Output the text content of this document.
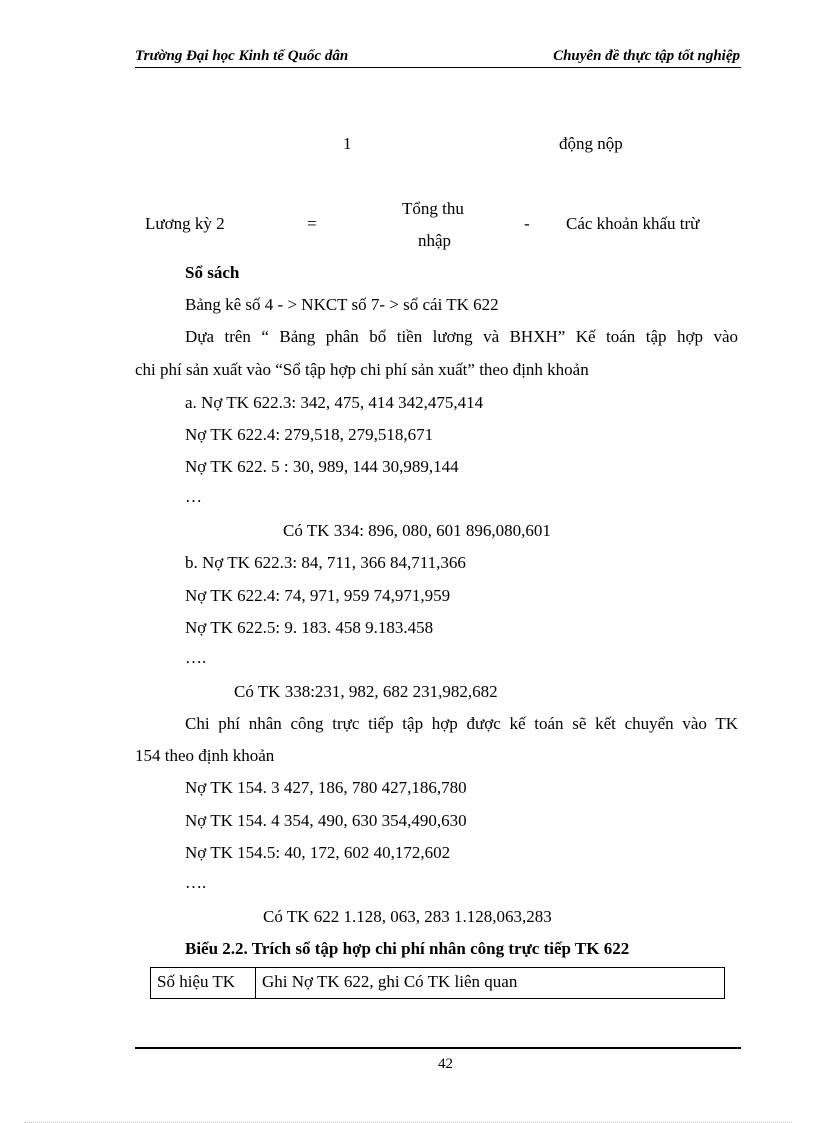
Trường Đại học Kinh tế Quốc dân	Chuyên đề thực tập tốt nghiệp
1	động nộp
Lương kỳ 2	=
Tổng thu
nhập
- Các khoản khấu trừ
Sổ sách
Bảng kê số 4 - > NKCT số 7- > sổ cái TK 622
Dựa trên “ Bảng phân bổ tiền lương và BHXH” Kế toán tập hợp vào
chi phí sản xuất vào “Sổ tập hợp chi phí sản xuất” theo định khoản
a. Nợ TK 622.3: 342, 475, 414 342,475,414
Nợ TK 622.4: 279,518, 279,518,671
Nợ TK 622. 5 : 30, 989, 144 30,989,144
…
Có TK 334: 896, 080, 601 896,080,601
b. Nợ TK 622.3: 84, 711, 366 84,711,366
Nợ TK 622.4: 74, 971, 959 74,971,959
Nợ TK 622.5: 9. 183. 458 9.183.458
….
Có TK 338:231, 982, 682 231,982,682
Chi phí nhân công trực tiếp tập hợp được kế toán sẽ kết chuyển vào TK
154 theo định khoản
Nợ TK 154. 3 427, 186, 780 427,186,780
Nợ TK 154. 4 354, 490, 630 354,490,630
Nợ TK 154.5: 40, 172, 602 40,172,602
….
Có TK 622 1.128, 063, 283 1.128,063,283
Biểu 2.2. Trích sổ tập hợp chi phí nhân công trực tiếp TK 622
Số hiệu TK	Ghi Nợ TK 622, ghi Có TK liên quan
42
